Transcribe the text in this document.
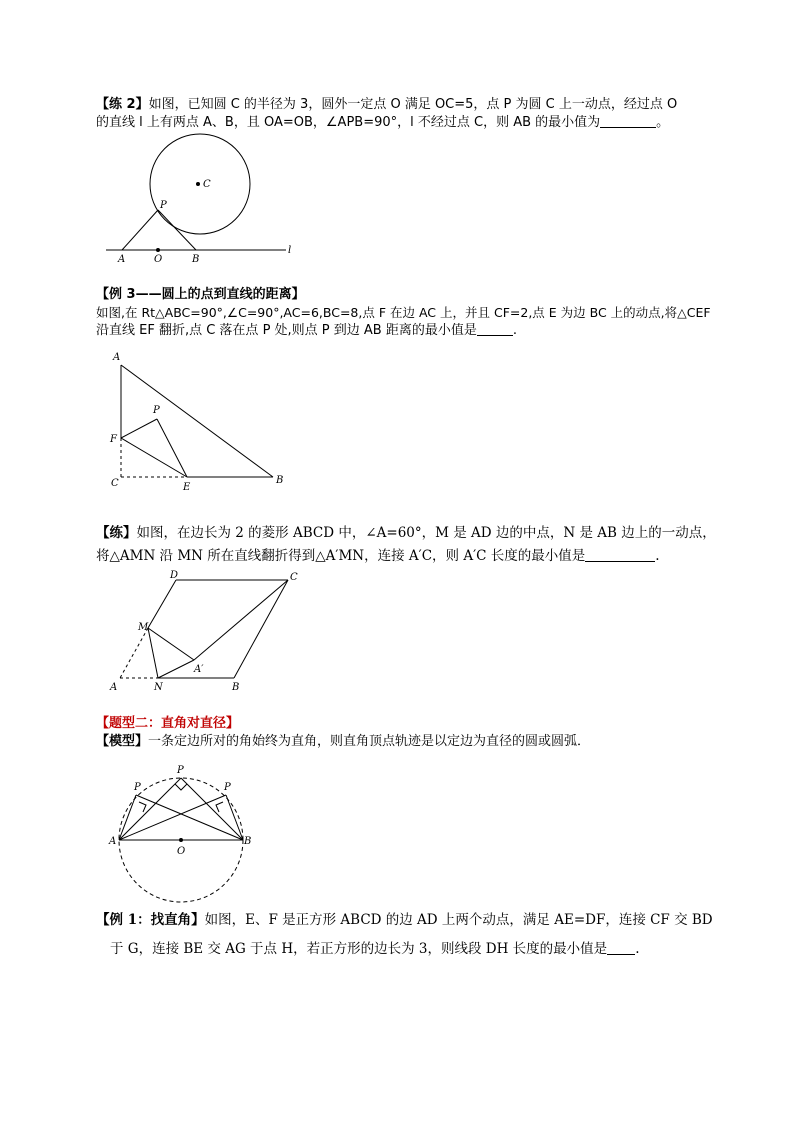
【练 2】如图，已知圆 C 的半径为 3，圆外一定点 O 满足 OC=5，点 P 为圆 C 上一动点，经过点 O
的直线 l 上有两点 A、B，且 OA=OB，∠APB=90°，l 不经过点 C，则 AB 的最小值为	。
C
P
A	O	B
l
【例 3——圆上的点到直线的距离】
如图,在 Rt△ABC=90°,∠C=90°,AC=6,BC=8,点 F 在边 AC 上，并且 CF=2,点 E 为边 BC 上的动点,将△CEF
沿直线 EF 翻折,点 C 落在点 P 处,则点 P 到边 AB 距离的最小值是	.
A
P
F
C	E
B
【练】如图，在边长为 2 的菱形 ABCD 中，∠A=60°，M 是 AD 边的中点，N 是 AB 边上的一动点，
将△AMN 沿 MN 所在直线翻折得到△A′MN，连接 A′C，则 A′C 长度的最小值是	.
D	C
M
A′
A	N	B
【题型二：直角对直径】
【模型】一条定边所对的角始终为直角，则直角顶点轨迹是以定边为直径的圆或圆弧．
P
P
P
A	B
O
【例 1：找直角】如图，E、F 是正方形 ABCD 的边 AD 上两个动点，满足 AE=DF，连接 CF 交 BD
于 G，连接 BE 交 AG 于点 H，若正方形的边长为 3，则线段 DH 长度的最小值是 .
